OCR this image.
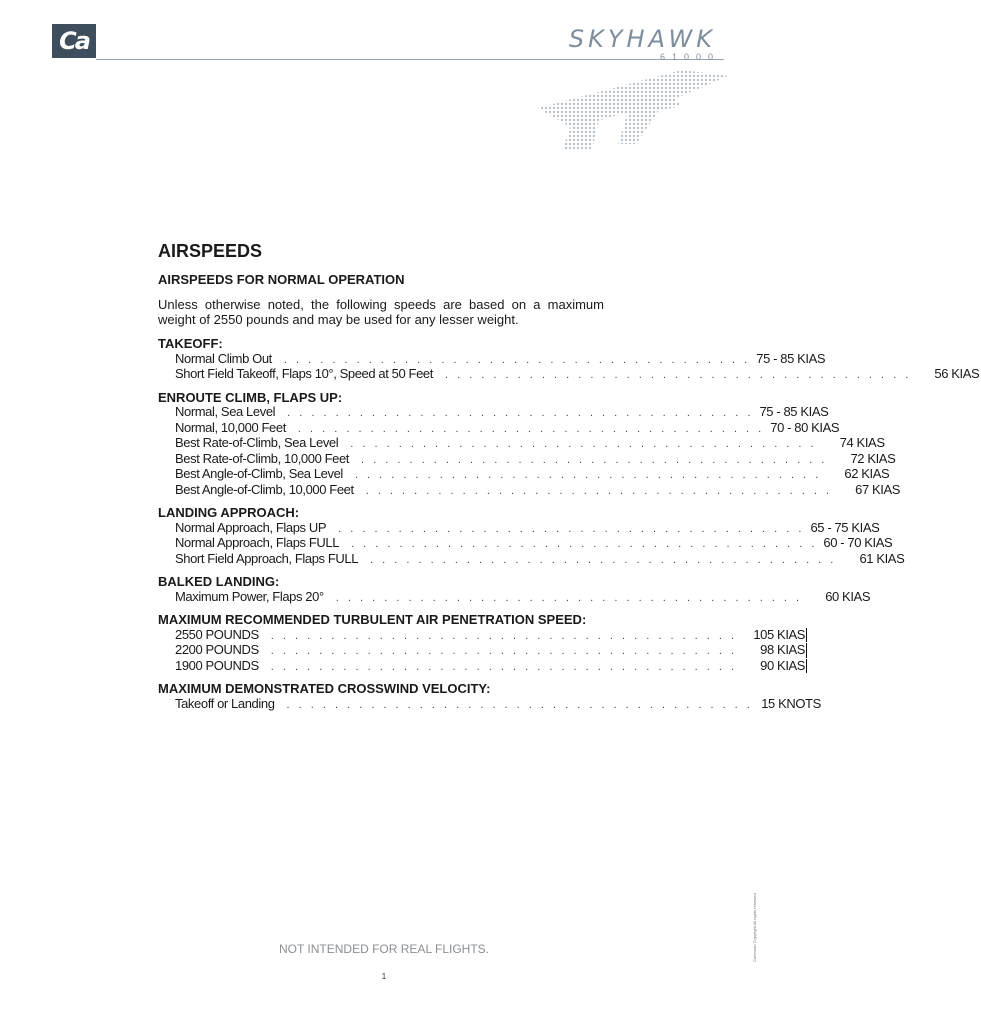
Ca	SKYHAWK
61000
AIRSPEEDS
AIRSPEEDS FOR NORMAL OPERATION
Unless otherwise noted, the following speeds are based on a maximum weight of 2550 pounds and may be used for any lesser weight.
TAKEOFF:
Normal Climb Out . . . . . . . . . . . . . . . . . . . . . . . . . . . . . . . . . . . . . . . 75 - 85 KIAS
Short Field Takeoff, Flaps 10°, Speed at 50 Feet . . . . . . . . . . . . . . . . . . . . . . . . . . . . . . . . . . . . . . .	56 KIAS
ENROUTE CLIMB, FLAPS UP:
Normal, Sea Level . . . . . . . . . . . . . . . . . . . . . . . . . . . . . . . . . . . . . . . 75 - 85 KIAS
Normal, 10,000 Feet . . . . . . . . . . . . . . . . . . . . . . . . . . . . . . . . . . . . . . . 70 - 80 KIAS
Best Rate-of-Climb, Sea Level . . . . . . . . . . . . . . . . . . . . . . . . . . . . . . . . . . . . . . .	74 KIAS
Best Rate-of-Climb, 10,000 Feet . . . . . . . . . . . . . . . . . . . . . . . . . . . . . . . . . . . . . . .	72 KIAS
Best Angle-of-Climb, Sea Level . . . . . . . . . . . . . . . . . . . . . . . . . . . . . . . . . . . . . . .	62 KIAS
Best Angle-of-Climb, 10,000 Feet . . . . . . . . . . . . . . . . . . . . . . . . . . . . . . . . . . . . . . .	67 KIAS
LANDING APPROACH:
Normal Approach, Flaps UP . . . . . . . . . . . . . . . . . . . . . . . . . . . . . . . . . . . . . . . 65 - 75 KIAS
Normal Approach, Flaps FULL . . . . . . . . . . . . . . . . . . . . . . . . . . . . . . . . . . . . . . . 60 - 70 KIAS
Short Field Approach, Flaps FULL . . . . . . . . . . . . . . . . . . . . . . . . . . . . . . . . . . . . . . .	61 KIAS
BALKED LANDING:
Maximum Power, Flaps 20° . . . . . . . . . . . . . . . . . . . . . . . . . . . . . . . . . . . . . . .	60 KIAS
MAXIMUM RECOMMENDED TURBULENT AIR PENETRATION SPEED:
2550 POUNDS . . . . . . . . . . . . . . . . . . . . . . . . . . . . . . . . . . . . . . .	105 KIAS
2200 POUNDS . . . . . . . . . . . . . . . . . . . . . . . . . . . . . . . . . . . . . . .	98 KIAS
1900 POUNDS . . . . . . . . . . . . . . . . . . . . . . . . . . . . . . . . . . . . . . .	90 KIAS
MAXIMUM DEMONSTRATED CROSSWIND VELOCITY:
Takeoff or Landing . . . . . . . . . . . . . . . . . . . . . . . . . . . . . . . . . . . . . . . 15 KNOTS
NOT INTENDED FOR REAL FLIGHTS.
1
Carenado Copyright All rights reserved
